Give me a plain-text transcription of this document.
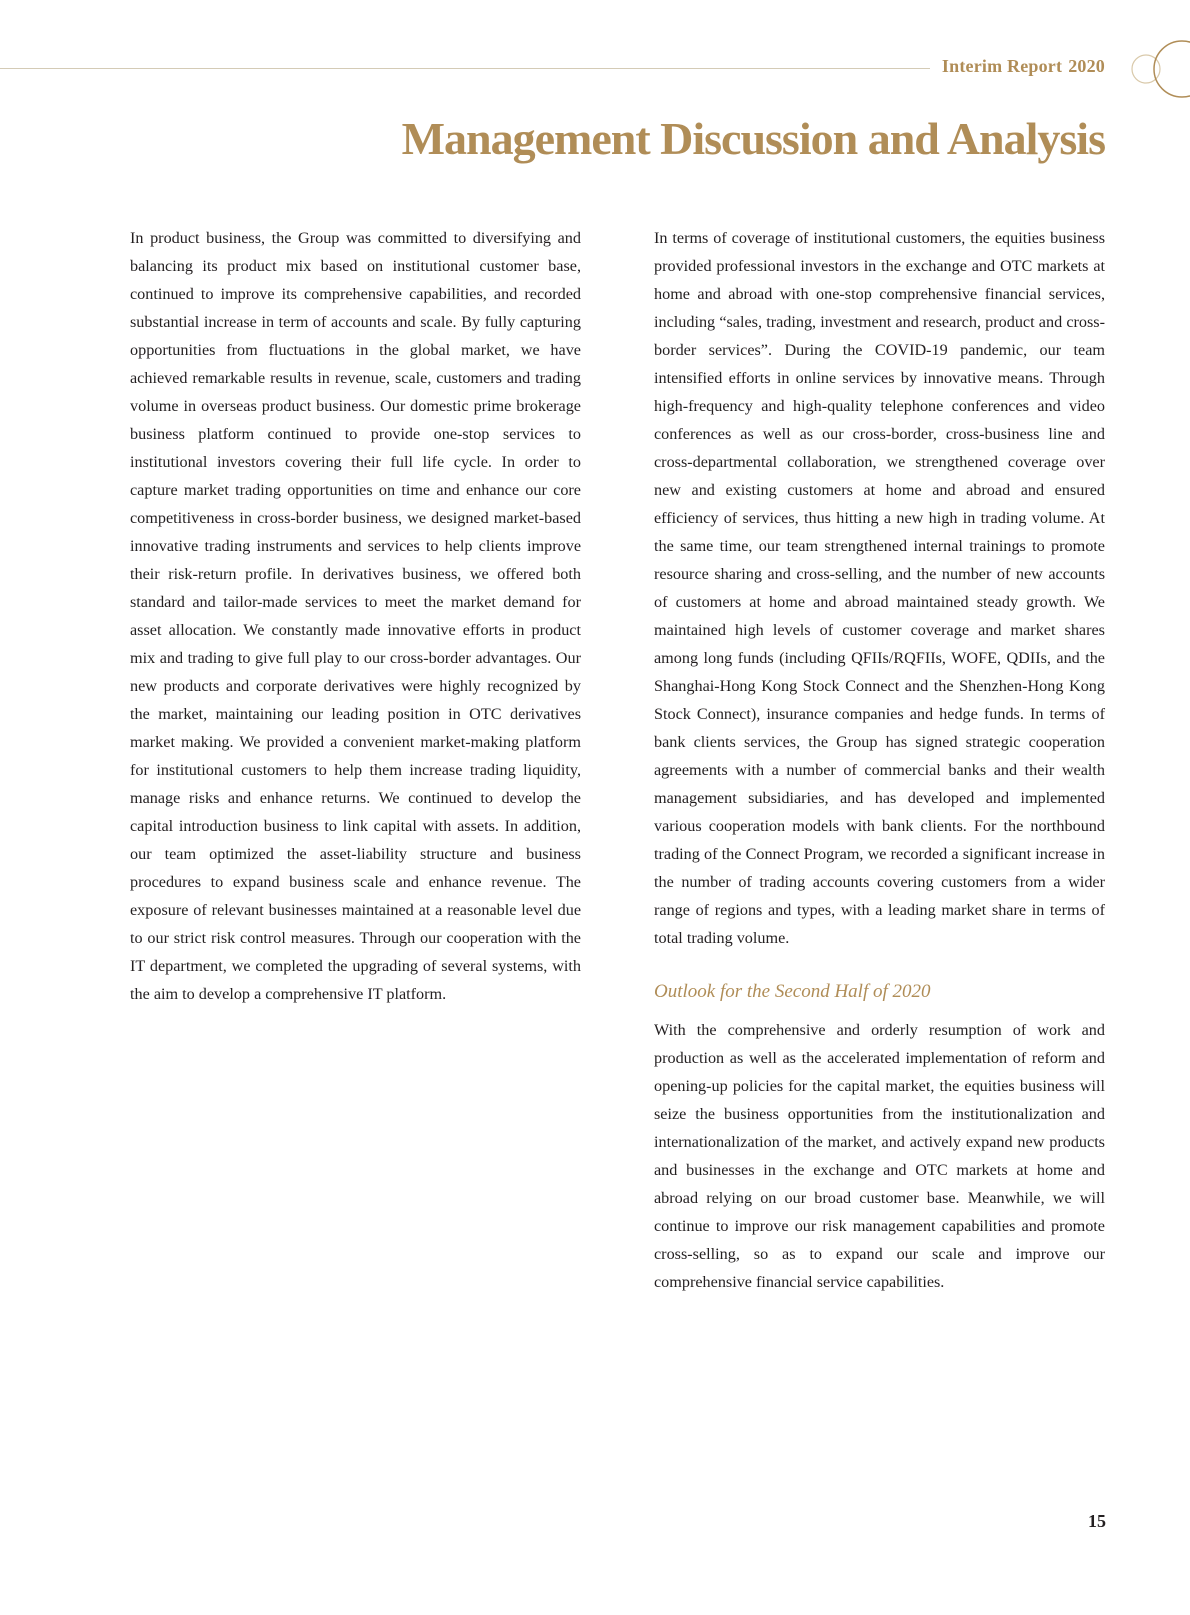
Interim Report 2020
Management Discussion and Analysis

In product business, the Group was committed to diversifying and balancing its product mix based on institutional customer base, continued to improve its comprehensive capabilities, and recorded substantial increase in term of accounts and scale. By fully capturing opportunities from fluctuations in the global market, we have achieved remarkable results in revenue, scale, customers and trading volume in overseas product business. Our domestic prime brokerage business platform continued to provide one-stop services to institutional investors covering their full life cycle. In order to capture market trading opportunities on time and enhance our core competitiveness in cross-border business, we designed market-based innovative trading instruments and services to help clients improve their risk-return profile. In derivatives business, we offered both standard and tailor-made services to meet the market demand for asset allocation. We constantly made innovative efforts in product mix and trading to give full play to our cross-border advantages. Our new products and corporate derivatives were highly recognized by the market, maintaining our leading position in OTC derivatives market making. We provided a convenient market-making platform for institutional customers to help them increase trading liquidity, manage risks and enhance returns. We continued to develop the capital introduction business to link capital with assets. In addition, our team optimized the asset-liability structure and business procedures to expand business scale and enhance revenue. The exposure of relevant businesses maintained at a reasonable level due to our strict risk control measures. Through our cooperation with the IT department, we completed the upgrading of several systems, with the aim to develop a comprehensive IT platform.

In terms of coverage of institutional customers, the equities business provided professional investors in the exchange and OTC markets at home and abroad with one-stop comprehensive financial services, including “sales, trading, investment and research, product and cross-border services”. During the COVID-19 pandemic, our team intensified efforts in online services by innovative means. Through high-frequency and high-quality telephone conferences and video conferences as well as our cross-border, cross-business line and cross-departmental collaboration, we strengthened coverage over new and existing customers at home and abroad and ensured efficiency of services, thus hitting a new high in trading volume. At the same time, our team strengthened internal trainings to promote resource sharing and cross-selling, and the number of new accounts of customers at home and abroad maintained steady growth. We maintained high levels of customer coverage and market shares among long funds (including QFIIs/RQFIIs, WOFE, QDIIs, and the Shanghai-Hong Kong Stock Connect and the Shenzhen-Hong Kong Stock Connect), insurance companies and hedge funds. In terms of bank clients services, the Group has signed strategic cooperation agreements with a number of commercial banks and their wealth management subsidiaries, and has developed and implemented various cooperation models with bank clients. For the northbound trading of the Connect Program, we recorded a significant increase in the number of trading accounts covering customers from a wider range of regions and types, with a leading market share in terms of total trading volume.

Outlook for the Second Half of 2020

With the comprehensive and orderly resumption of work and production as well as the accelerated implementation of reform and opening-up policies for the capital market, the equities business will seize the business opportunities from the institutionalization and internationalization of the market, and actively expand new products and businesses in the exchange and OTC markets at home and abroad relying on our broad customer base. Meanwhile, we will continue to improve our risk management capabilities and promote cross-selling, so as to expand our scale and improve our comprehensive financial service capabilities.

15
